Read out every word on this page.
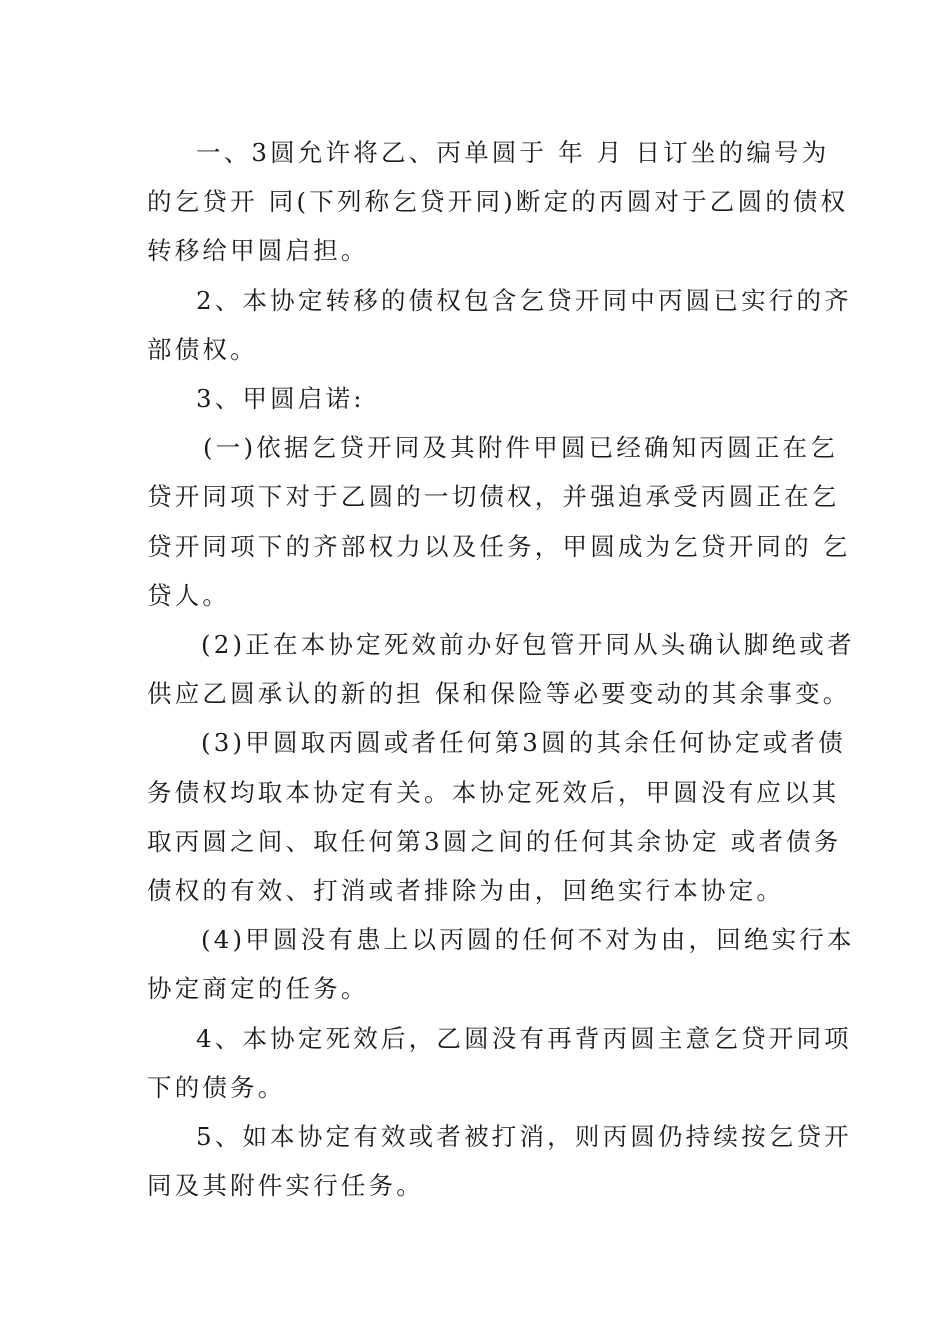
一、3圆允许将乙、丙单圆于 年 月 日订坐的编号为
的乞贷开 同(下列称乞贷开同)断定的丙圆对于乙圆的债权
转移给甲圆启担。

2、本协定转移的债权包含乞贷开同中丙圆已实行的齐
部债权。

3、甲圆启诺:

(一)依据乞贷开同及其附件甲圆已经确知丙圆正在乞
贷开同项下对于乙圆的一切债权，并强迫承受丙圆正在乞
贷开同项下的齐部权力以及任务，甲圆成为乞贷开同的 乞
贷人。

(2)正在本协定死效前办好包管开同从头确认脚绝或者
供应乙圆承认的新的担 保和保险等必要变动的其余事变。

(3)甲圆取丙圆或者任何第3圆的其余任何协定或者债
务债权均取本协定有关。本协定死效后，甲圆没有应以其
取丙圆之间、取任何第3圆之间的任何其余协定 或者债务
债权的有效、打消或者排除为由，回绝实行本协定。

(4)甲圆没有患上以丙圆的任何不对为由，回绝实行本
协定商定的任务。

4、本协定死效后，乙圆没有再背丙圆主意乞贷开同项
下的债务。

5、如本协定有效或者被打消，则丙圆仍持续按乞贷开
同及其附件实行任务。
